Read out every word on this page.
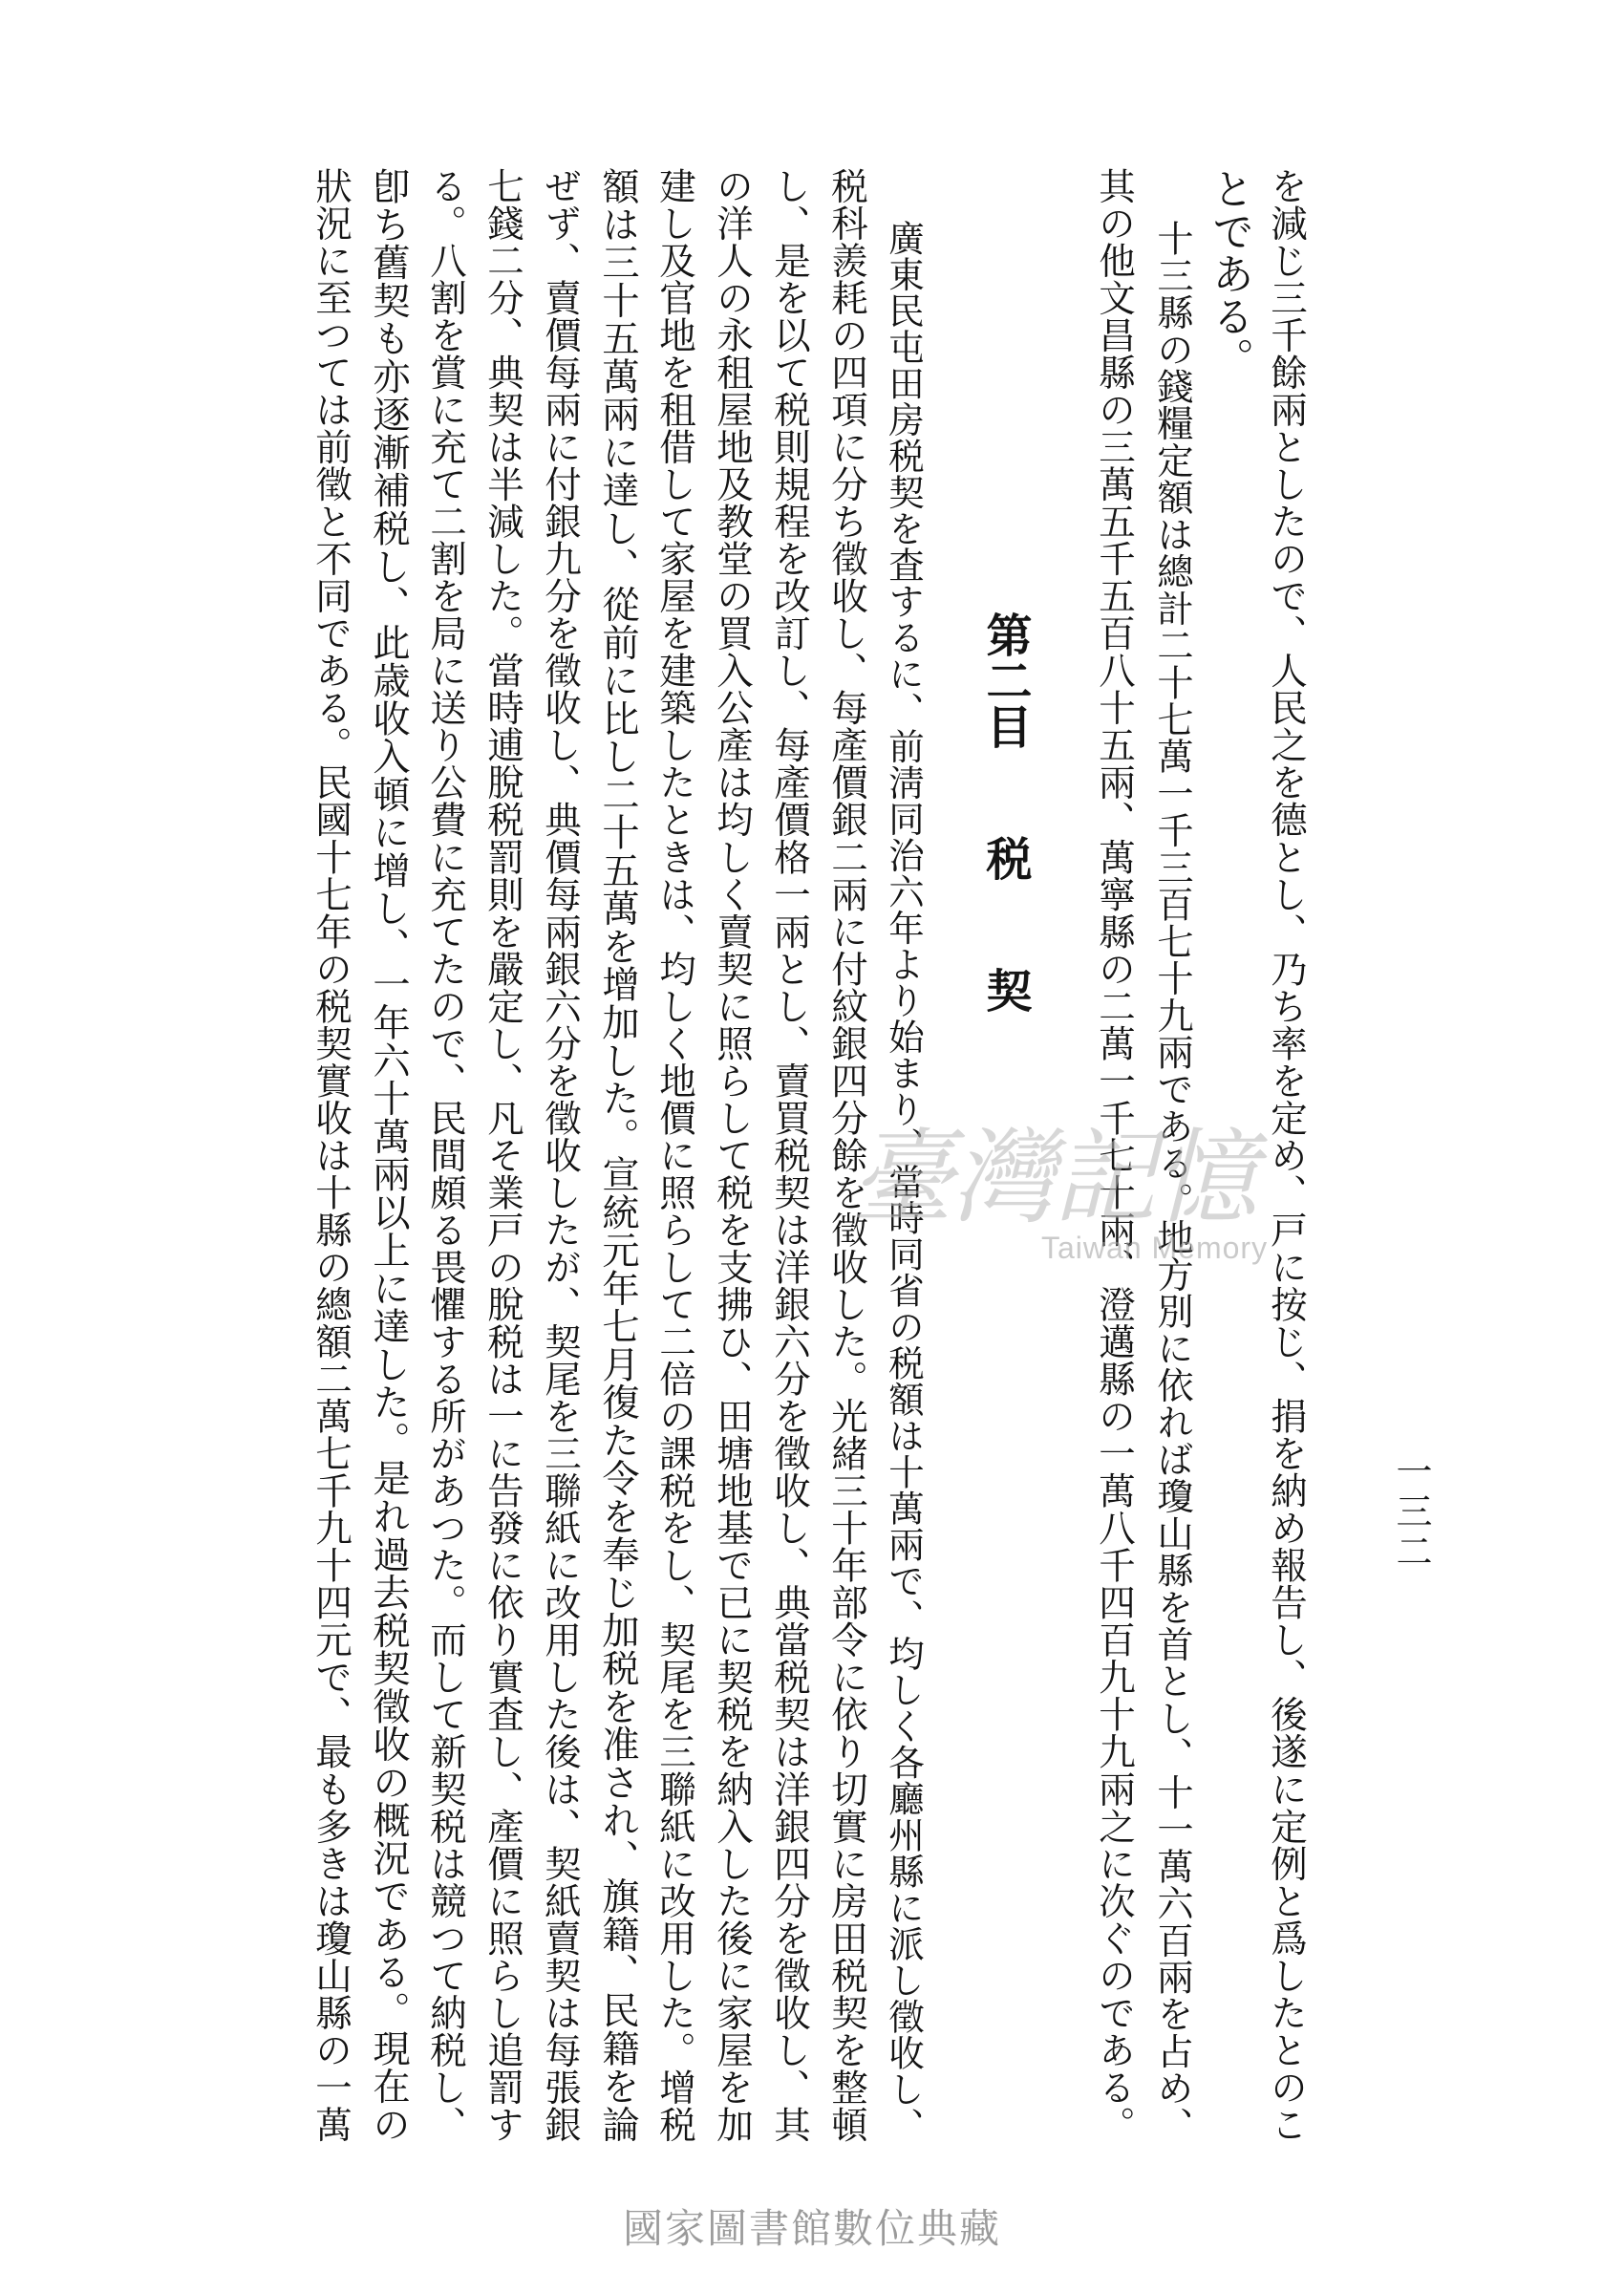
一三二
を減じ三千餘兩としたので、人民之を德とし、乃ち率を定め、戸に按じ、捐を納め報告し、後遂に定例と爲したとのこ
とである。
十三縣の錢糧定額は總計二十七萬一千三百七十九兩である。地方別に依れば瓊山縣を首とし、十一萬六百兩を占め、
其の他文昌縣の三萬五千五百八十五兩、萬寧縣の二萬一千七十兩、澄邁縣の一萬八千四百九十九兩之に次ぐのである。
第二目税契
廣東民屯田房税契を査するに、前淸同治六年より始まり、當時同省の税額は十萬兩で、均しく各廳州縣に派し徵收し、
税科羨耗の四項に分ち徵收し、每產價銀二兩に付紋銀四分餘を徵收した。光緒三十年部令に依り切實に房田税契を整頓
し、是を以て税則規程を改訂し、每產價格一兩とし、賣買税契は洋銀六分を徵收し、典當税契は洋銀四分を徵收し、其
の洋人の永租屋地及教堂の買入公產は均しく賣契に照らして税を支拂ひ、田塘地基で已に契税を納入した後に家屋を加
建し及官地を租借して家屋を建築したときは、均しく地價に照らして二倍の課税をし、契尾を三聯紙に改用した。增税
額は三十五萬兩に達し、從前に比し二十五萬を增加した。宣統元年七月復た令を奉じ加税を准され、旗籍、民籍を論
ぜず、賣價每兩に付銀九分を徵收し、典價每兩銀六分を徵收したが、契尾を三聯紙に改用した後は、契紙賣契は每張銀
七錢二分、典契は半減した。當時逋脫税罰則を嚴定し、凡そ業戸の脫税は一に告發に依り實査し、產價に照らし追罰す
る。八割を賞に充て二割を局に送り公費に充てたので、民間頗る畏懼する所があつた。而して新契税は競つて納税し、
卽ち舊契も亦逐漸補税し、此歳收入頓に增し、一年六十萬兩以上に達した。是れ過去税契徵收の概況である。現在の
狀況に至つては前徵と不同である。民國十七年の税契實收は十縣の總額二萬七千九十四元で、最も多きは瓊山縣の一萬	臺灣記憶
Taiwan Memory
國家圖書館數位典藏
